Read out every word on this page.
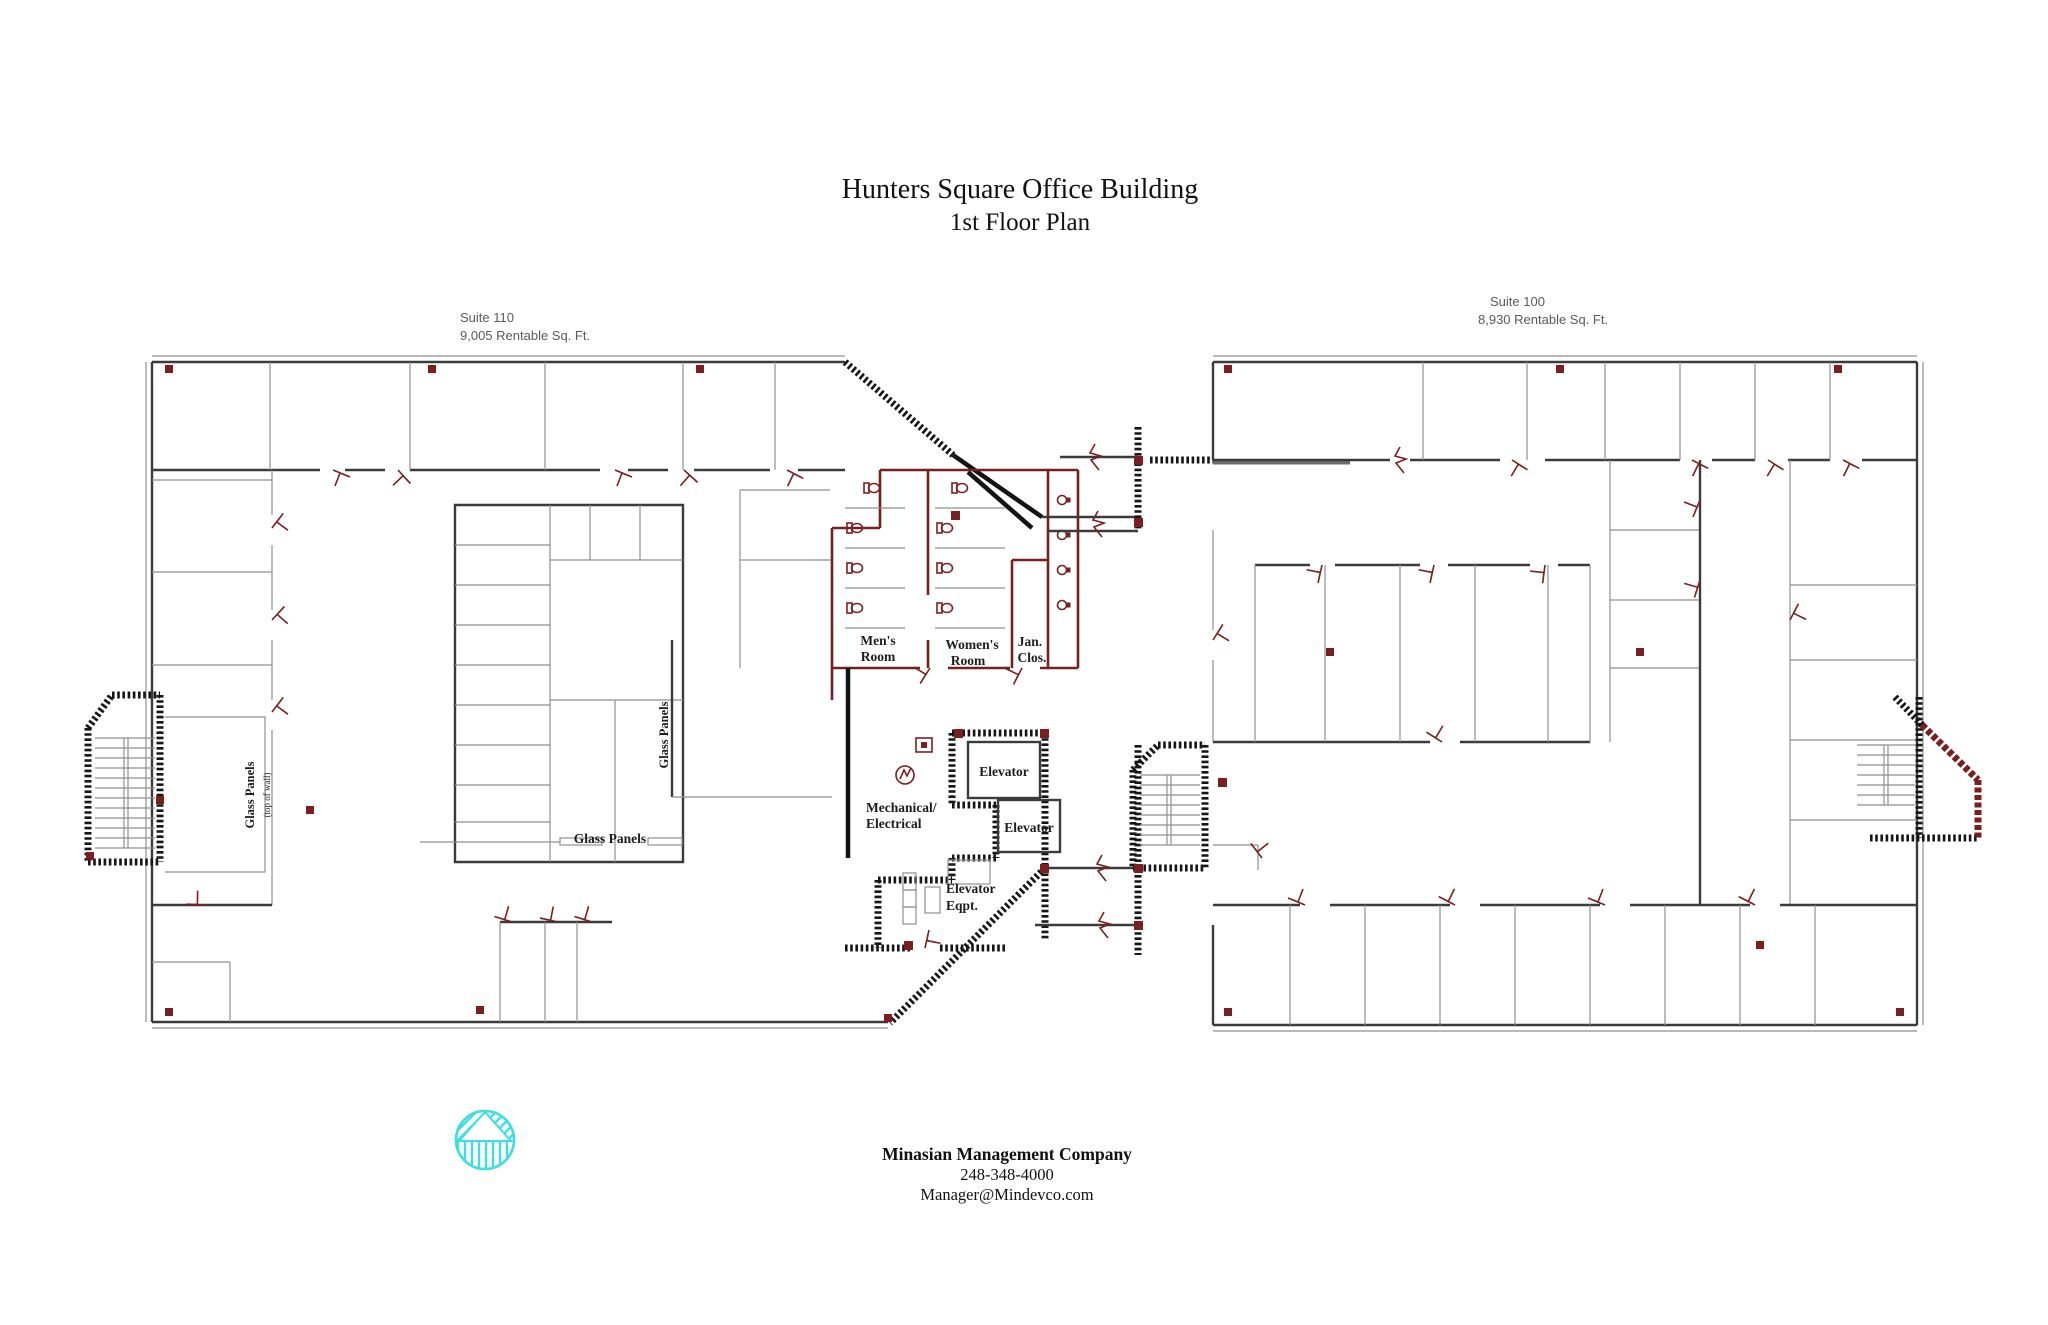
Hunters Square Office Building
1st Floor Plan
Suite 110
9,005 Rentable Sq. Ft.
Suite 100
8,930 Rentable Sq. Ft.
Men's
Room
Women's
Room
Jan.
Clos.
Elevator
Elevator
Mechanical/
Electrical
Elevator
Eqpt.
Glass Panels
Glass Panels
Glass Panels (top of wall)
Minasian Management Company
248-348-4000
Manager@Mindevco.com
